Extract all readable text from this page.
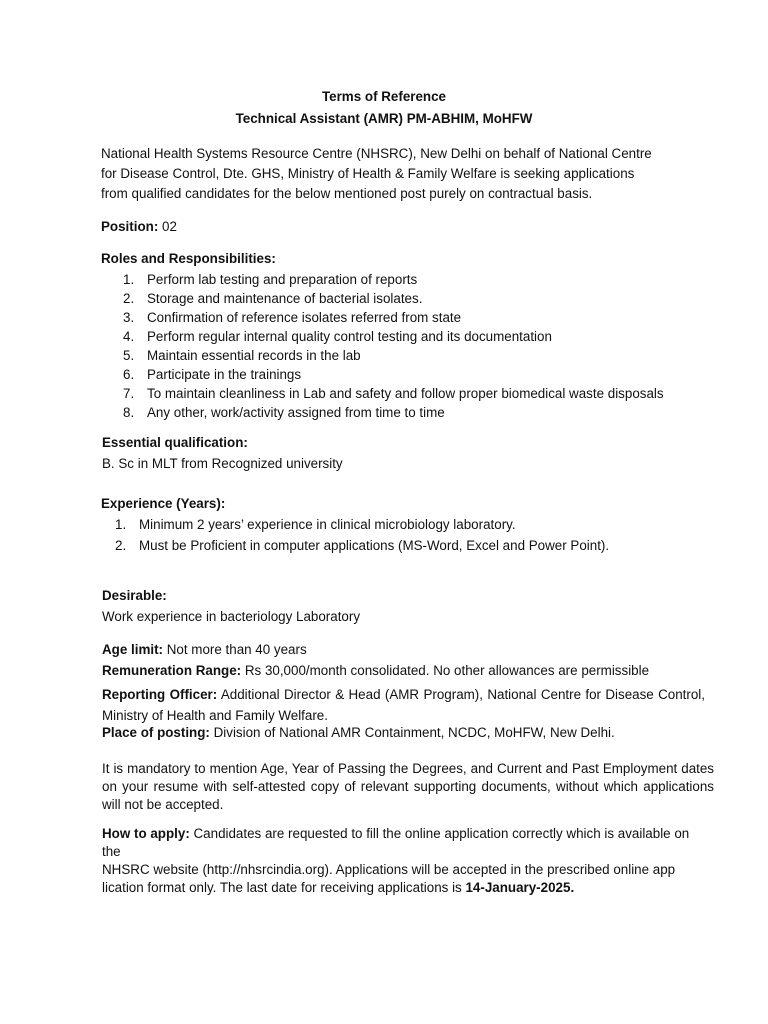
Terms of Reference
Technical Assistant (AMR) PM-ABHIM, MoHFW
National Health Systems Resource Centre (NHSRC), New Delhi on behalf of National Centre
for Disease Control, Dte. GHS, Ministry of Health & Family Welfare is seeking applications
from qualified candidates for the below mentioned post purely on contractual basis.
Position: 02
Roles and Responsibilities:
1. Perform lab testing and preparation of reports
2. Storage and maintenance of bacterial isolates.
3. Confirmation of reference isolates referred from state
4. Perform regular internal quality control testing and its documentation
5. Maintain essential records in the lab
6. Participate in the trainings
7. To maintain cleanliness in Lab and safety and follow proper biomedical waste disposals
8. Any other, work/activity assigned from time to time
Essential qualification:
B. Sc in MLT from Recognized university
Experience (Years):
1. Minimum 2 years’ experience in clinical microbiology laboratory.
2. Must be Proficient in computer applications (MS-Word, Excel and Power Point).
Desirable:
Work experience in bacteriology Laboratory
Age limit: Not more than 40 years
Remuneration Range: Rs 30,000/month consolidated. No other allowances are permissible
Reporting Officer: Additional Director & Head (AMR Program), National Centre for Disease Control, Ministry of Health and Family Welfare.
Place of posting: Division of National AMR Containment, NCDC, MoHFW, New Delhi.
It is mandatory to mention Age, Year of Passing the Degrees, and Current and Past Employment dates on your resume with self-attested copy of relevant supporting documents, without which applications will not be accepted.
How to apply: Candidates are requested to fill the online application correctly which is available on the
NHSRC website (http://nhsrcindia.org). Applications will be accepted in the prescribed online app
lication format only. The last date for receiving applications is 14-January-2025.
